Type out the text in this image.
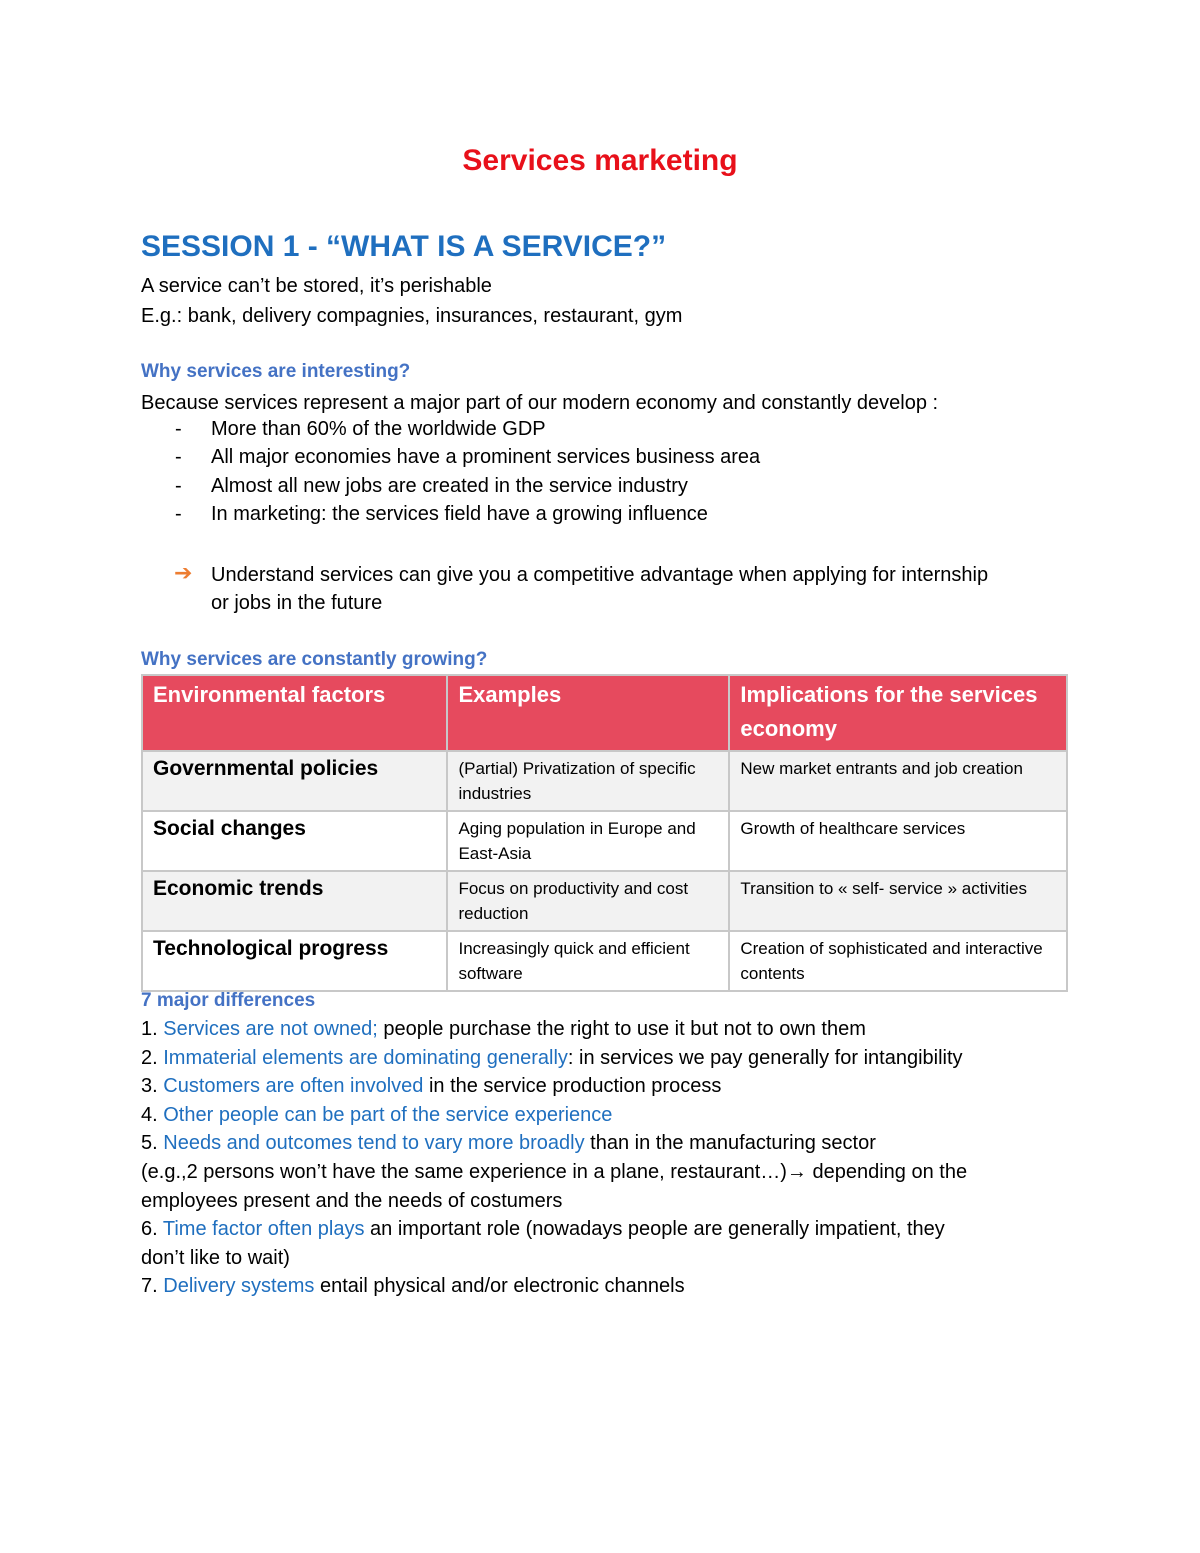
Services marketing
SESSION 1 - “WHAT IS A SERVICE?”
A service can’t be stored, it’s perishable
E.g.: bank, delivery compagnies, insurances, restaurant, gym
Why services are interesting?
Because services represent a major part of our modern economy and constantly develop :
- More than 60% of the worldwide GDP
- All major economies have a prominent services business area
- Almost all new jobs are created in the service industry
- In marketing: the services field have a growing influence
➔ Understand services can give you a competitive advantage when applying for internship
or jobs in the future
Why services are constantly growing?
Environmental factors	Examples	Implications for the services economy
Governmental policies	(Partial) Privatization of specific industries	New market entrants and job creation
Social changes	Aging population in Europe and East-Asia	Growth of healthcare services
Economic trends	Focus on productivity and cost reduction	Transition to « self- service » activities
Technological progress	Increasingly quick and efficient software	Creation of sophisticated and interactive contents
7 major differences
1. Services are not owned; people purchase the right to use it but not to own them
2. Immaterial elements are dominating generally: in services we pay generally for intangibility
3. Customers are often involved in the service production process
4. Other people can be part of the service experience
5. Needs and outcomes tend to vary more broadly than in the manufacturing sector
(e.g.,2 persons won’t have the same experience in a plane, restaurant…)→ depending on the
employees present and the needs of costumers
6. Time factor often plays an important role (nowadays people are generally impatient, they
don’t like to wait)
7. Delivery systems entail physical and/or electronic channels
